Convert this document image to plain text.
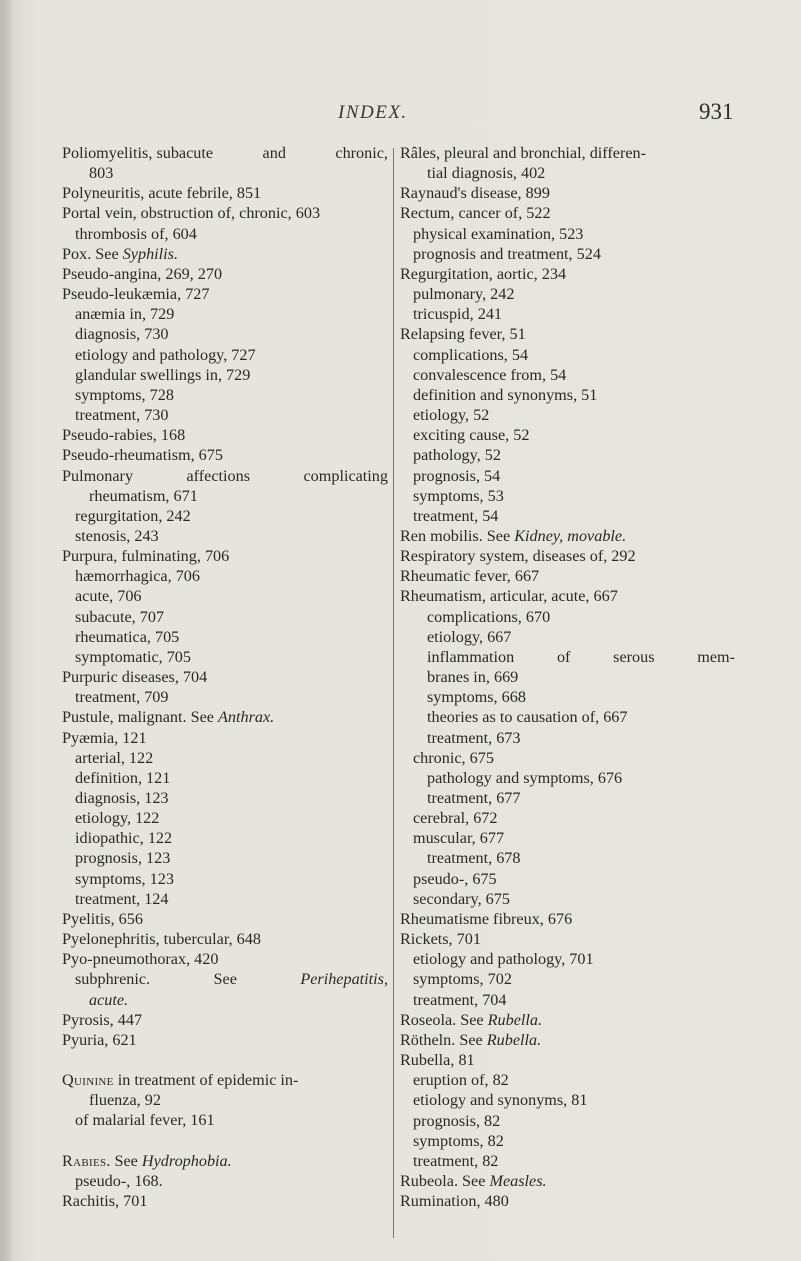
INDEX.	931
Poliomyelitis, subacute	and	chronic,
803
Polyneuritis, acute febrile, 851
Portal vein, obstruction of, chronic, 603
thrombosis of, 604
Pox. See Syphilis.
Pseudo-angina, 269, 270
Pseudo-leukæmia, 727
anæmia in, 729
diagnosis, 730
etiology and pathology, 727
glandular swellings in, 729
symptoms, 728
treatment, 730
Pseudo-rabies, 168
Pseudo-rheumatism, 675
Pulmonary	affections	complicating
rheumatism, 671
regurgitation, 242
stenosis, 243
Purpura, fulminating, 706
hæmorrhagica, 706
acute, 706
subacute, 707
rheumatica, 705
symptomatic, 705
Purpuric diseases, 704
treatment, 709
Pustule, malignant. See Anthrax.
Pyæmia, 121
arterial, 122
definition, 121
diagnosis, 123
etiology, 122
idiopathic, 122
prognosis, 123
symptoms, 123
treatment, 124
Pyelitis, 656
Pyelonephritis, tubercular, 648
Pyo-pneumothorax, 420
subphrenic.	See	Perihepatitis,
acute.
Pyrosis, 447
Pyuria, 621
Quinine in treatment of epidemic in-
fluenza, 92
of malarial fever, 161
Rabies. See Hydrophobia.
pseudo-, 168.
Rachitis, 701
Râles, pleural and bronchial, differen-
tial diagnosis, 402
Raynaud's disease, 899
Rectum, cancer of, 522
physical examination, 523
prognosis and treatment, 524
Regurgitation, aortic, 234
pulmonary, 242
tricuspid, 241
Relapsing fever, 51
complications, 54
convalescence from, 54
definition and synonyms, 51
etiology, 52
exciting cause, 52
pathology, 52
prognosis, 54
symptoms, 53
treatment, 54
Ren mobilis. See Kidney, movable.
Respiratory system, diseases of, 292
Rheumatic fever, 667
Rheumatism, articular, acute, 667
complications, 670
etiology, 667
inflammation	of	serous	mem-
branes in, 669
symptoms, 668
theories as to causation of, 667
treatment, 673
chronic, 675
pathology and symptoms, 676
treatment, 677
cerebral, 672
muscular, 677
treatment, 678
pseudo-, 675
secondary, 675
Rheumatisme fibreux, 676
Rickets, 701
etiology and pathology, 701
symptoms, 702
treatment, 704
Roseola. See Rubella.
Rötheln. See Rubella.
Rubella, 81
eruption of, 82
etiology and synonyms, 81
prognosis, 82
symptoms, 82
treatment, 82
Rubeola. See Measles.
Rumination, 480
